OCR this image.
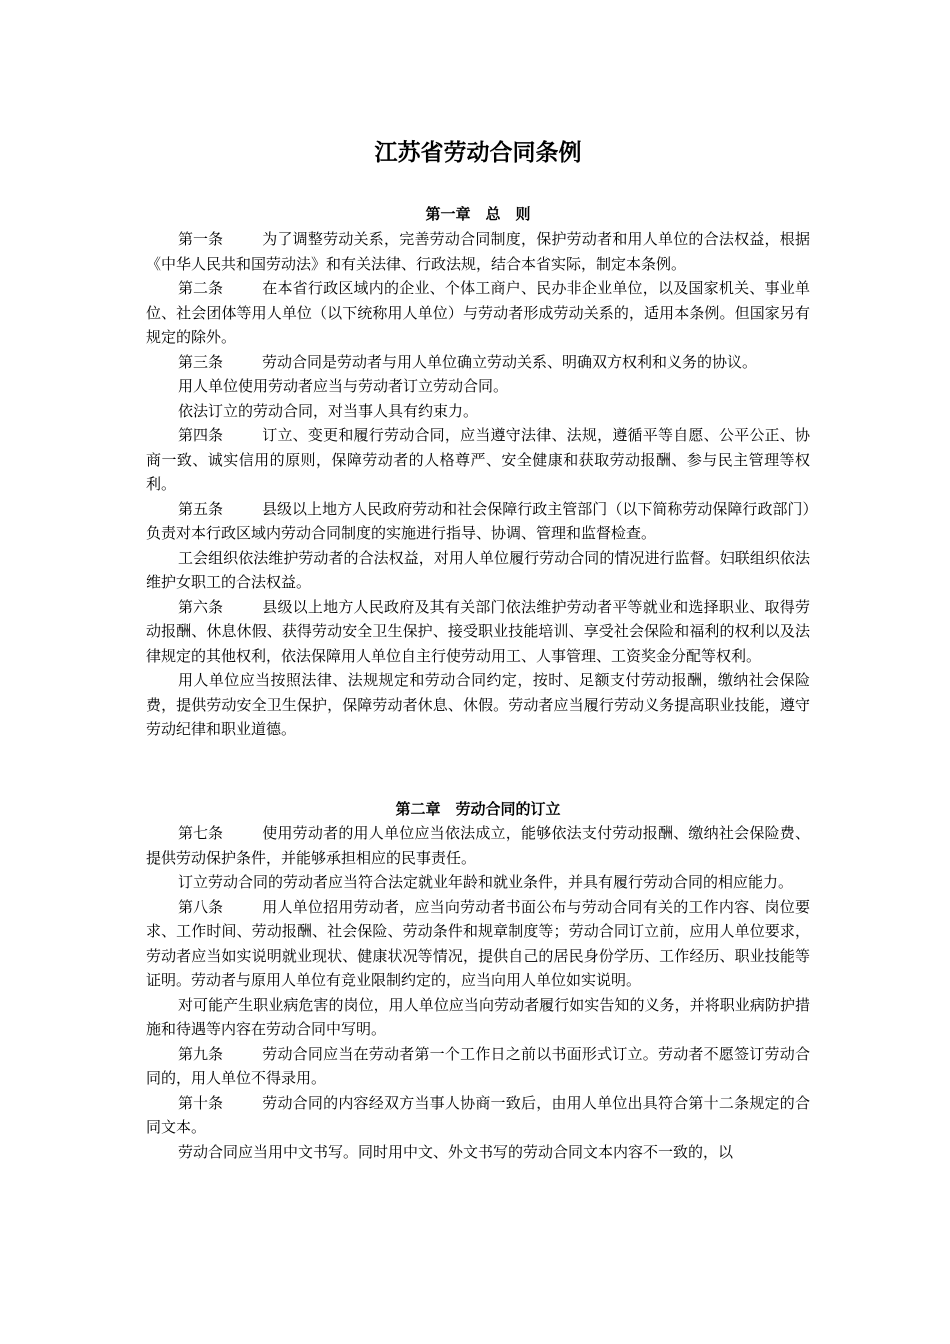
江苏省劳动合同条例
第一章　总　则

第一条	为了调整劳动关系，完善劳动合同制度，保护劳动者和用人单位的合法权益，根据《中华人民共和国劳动法》和有关法律、行政法规，结合本省实际，制定本条例。

第二条	在本省行政区域内的企业、个体工商户、民办非企业单位，以及国家机关、事业单位、社会团体等用人单位（以下统称用人单位）与劳动者形成劳动关系的，适用本条例。但国家另有规定的除外。

第三条	劳动合同是劳动者与用人单位确立劳动关系、明确双方权利和义务的协议。

用人单位使用劳动者应当与劳动者订立劳动合同。

依法订立的劳动合同，对当事人具有约束力。

第四条	订立、变更和履行劳动合同，应当遵守法律、法规，遵循平等自愿、公平公正、协商一致、诚实信用的原则，保障劳动者的人格尊严、安全健康和获取劳动报酬、参与民主管理等权利。

第五条	县级以上地方人民政府劳动和社会保障行政主管部门（以下简称劳动保障行政部门）负责对本行政区域内劳动合同制度的实施进行指导、协调、管理和监督检查。

工会组织依法维护劳动者的合法权益，对用人单位履行劳动合同的情况进行监督。妇联组织依法维护女职工的合法权益。

第六条	县级以上地方人民政府及其有关部门依法维护劳动者平等就业和选择职业、取得劳动报酬、休息休假、获得劳动安全卫生保护、接受职业技能培训、享受社会保险和福利的权利以及法律规定的其他权利，依法保障用人单位自主行使劳动用工、人事管理、工资奖金分配等权利。

用人单位应当按照法律、法规规定和劳动合同约定，按时、足额支付劳动报酬，缴纳社会保险费，提供劳动安全卫生保护，保障劳动者休息、休假。劳动者应当履行劳动义务提高职业技能，遵守劳动纪律和职业道德。

第二章　劳动合同的订立

第七条	使用劳动者的用人单位应当依法成立，能够依法支付劳动报酬、缴纳社会保险费、提供劳动保护条件，并能够承担相应的民事责任。

订立劳动合同的劳动者应当符合法定就业年龄和就业条件，并具有履行劳动合同的相应能力。

第八条	用人单位招用劳动者，应当向劳动者书面公布与劳动合同有关的工作内容、岗位要求、工作时间、劳动报酬、社会保险、劳动条件和规章制度等；劳动合同订立前，应用人单位要求，劳动者应当如实说明就业现状、健康状况等情况，提供自己的居民身份学历、工作经历、职业技能等证明。劳动者与原用人单位有竞业限制约定的，应当向用人单位如实说明。

对可能产生职业病危害的岗位，用人单位应当向劳动者履行如实告知的义务，并将职业病防护措施和待遇等内容在劳动合同中写明。

第九条	劳动合同应当在劳动者第一个工作日之前以书面形式订立。劳动者不愿签订劳动合同的，用人单位不得录用。

第十条	劳动合同的内容经双方当事人协商一致后，由用人单位出具符合第十二条规定的合同文本。

劳动合同应当用中文书写。同时用中文、外文书写的劳动合同文本内容不一致的，以
